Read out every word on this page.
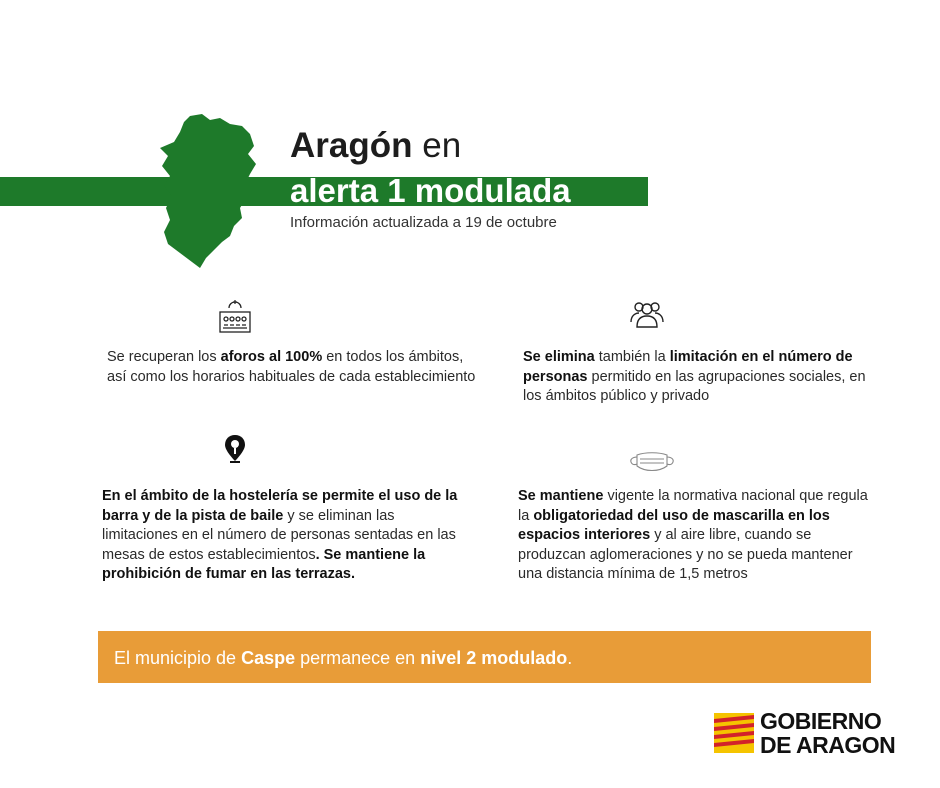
Aragón en
alerta 1 modulada
Información actualizada a 19 de octubre
Se recuperan los aforos al 100% en todos los ámbitos, así como los horarios habituales de cada establecimiento
Se elimina también la limitación en el número de personas permitido en las agrupaciones sociales, en los ámbitos público y privado
En el ámbito de la hostelería se permite el uso de la barra y de la pista de baile y se eliminan las limitaciones en el número de personas sentadas en las mesas de estos establecimientos. Se mantiene la prohibición de fumar en las terrazas.
Se mantiene vigente la normativa nacional que regula la obligatoriedad del uso de mascarilla en los espacios interiores y al aire libre, cuando se produzcan aglomeraciones y no se pueda mantener una distancia mínima de 1,5 metros
El municipio de Caspe permanece en nivel 2 modulado.
GOBIERNO
DE ARAGON
